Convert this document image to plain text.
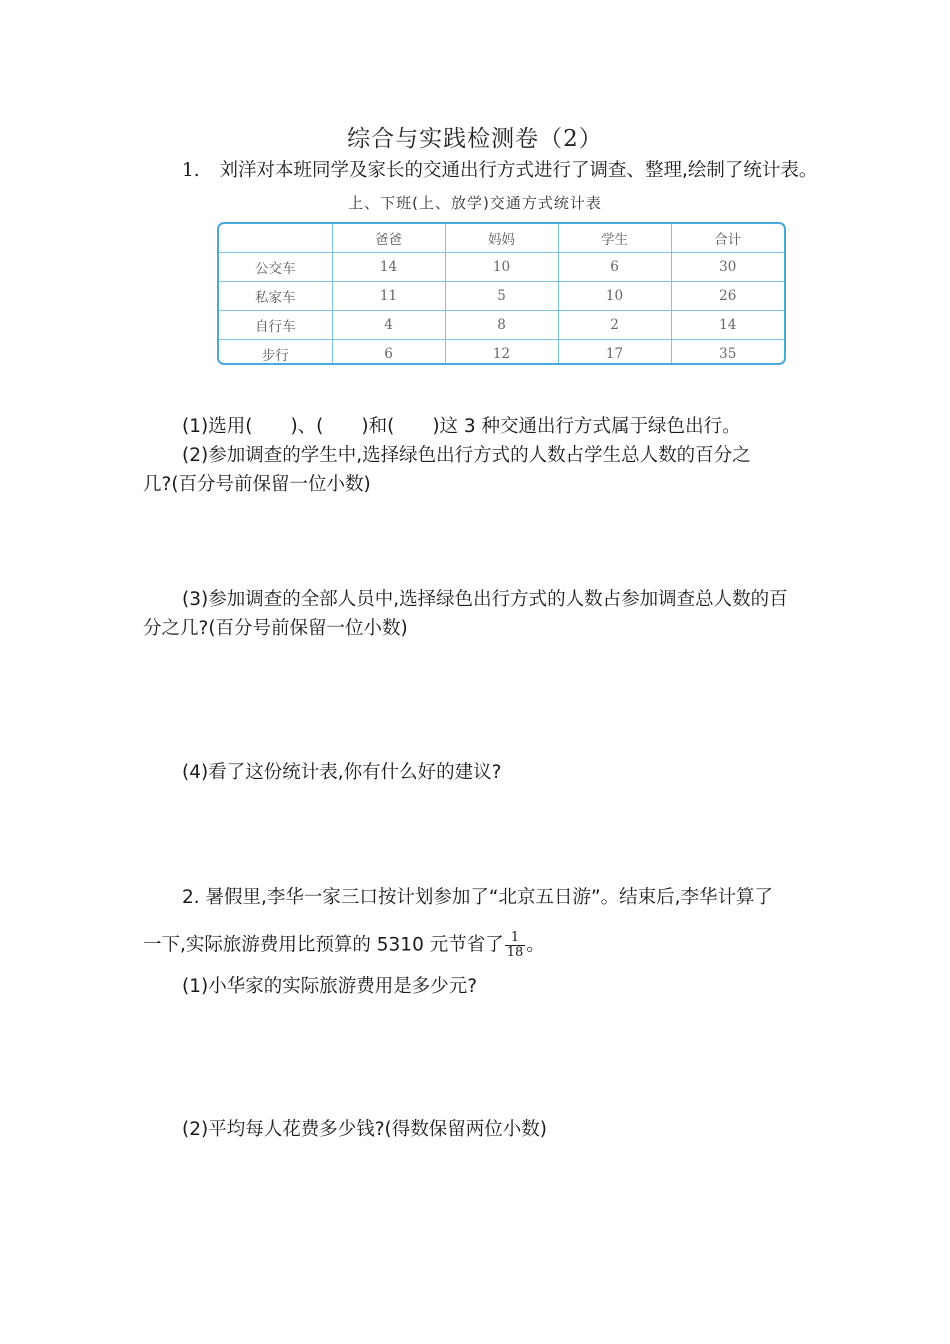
综合与实践检测卷（2）
1. 刘洋对本班同学及家长的交通出行方式进行了调查、整理,绘制了统计表。
上、下班(上、放学)交通方式统计表
	爸爸	妈妈	学生	合计
公交车	14	10	6	30
私家车	11	5	10	26
自行车	4	8	2	14
步行	6	12	17	35
(1)选用( )、( )和( )这 3 种交通出行方式属于绿色出行。
(2)参加调查的学生中,选择绿色出行方式的人数占学生总人数的百分之
几?(百分号前保留一位小数)
(3)参加调查的全部人员中,选择绿色出行方式的人数占参加调查总人数的百
分之几?(百分号前保留一位小数)
(4)看了这份统计表,你有什么好的建议?
2. 暑假里,李华一家三口按计划参加了“北京五日游”。结束后,李华计算了
一下,实际旅游费用比预算的 5310 元节省了 $\frac{1}{18}$ 。
(1)小华家的实际旅游费用是多少元?
(2)平均每人花费多少钱?(得数保留两位小数)
